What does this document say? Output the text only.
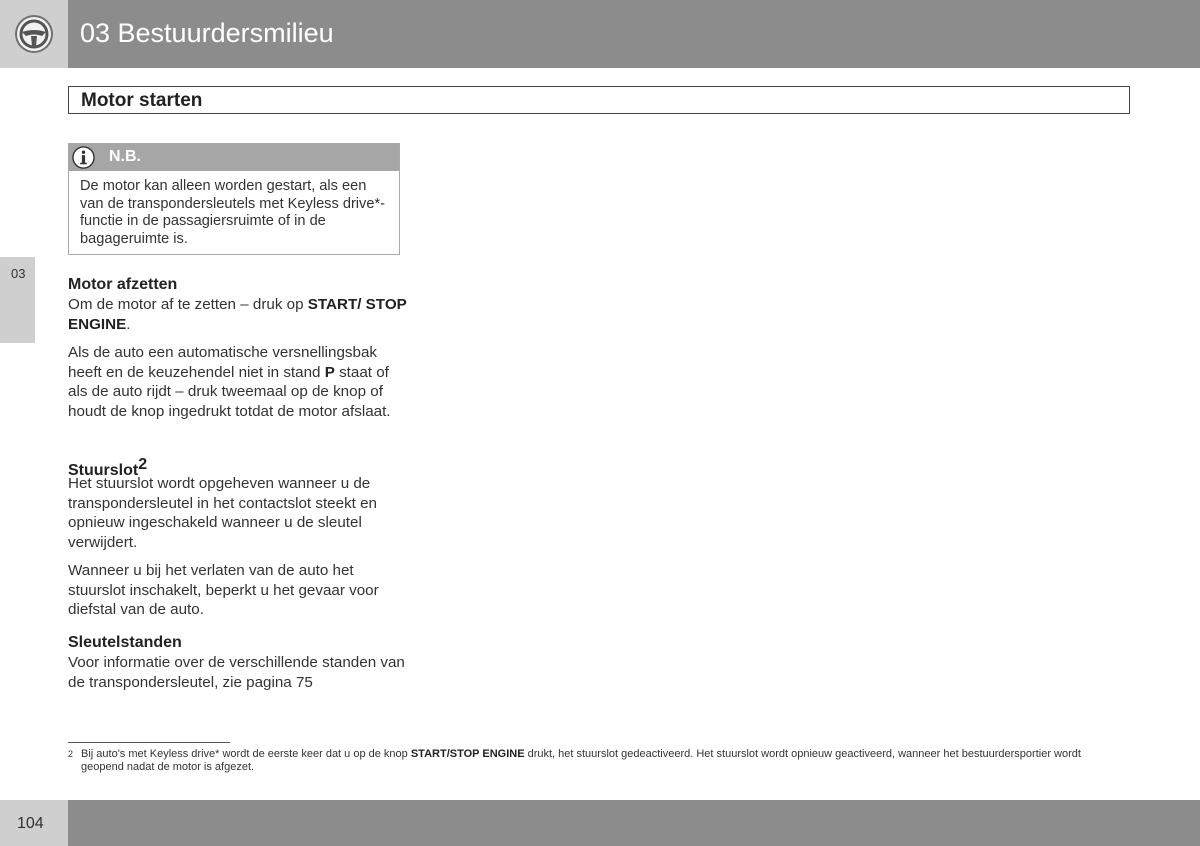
03 Bestuurdersmilieu
Motor starten
03
N.B.
De motor kan alleen worden gestart, als een van de transpondersleutels met Keyless drive*-functie in de passagiersruimte of in de bagageruimte is.
Motor afzetten
Om de motor af te zetten – druk op START/ STOP ENGINE.
Als de auto een automatische versnellingsbak heeft en de keuzehendel niet in stand P staat of als de auto rijdt – druk tweemaal op de knop of houdt de knop ingedrukt totdat de motor afslaat.
Stuurslot$^2$
Het stuurslot wordt opgeheven wanneer u de transpondersleutel in het contactslot steekt en opnieuw ingeschakeld wanneer u de sleutel verwijdert.
Wanneer u bij het verlaten van de auto het stuurslot inschakelt, beperkt u het gevaar voor diefstal van de auto.
Sleutelstanden
Voor informatie over de verschillende standen van de transpondersleutel, zie pagina 75
2 Bij auto's met Keyless drive* wordt de eerste keer dat u op de knop START/STOP ENGINE drukt, het stuurslot gedeactiveerd. Het stuurslot wordt opnieuw geactiveerd, wanneer het bestuurdersportier wordt geopend nadat de motor is afgezet.
104
